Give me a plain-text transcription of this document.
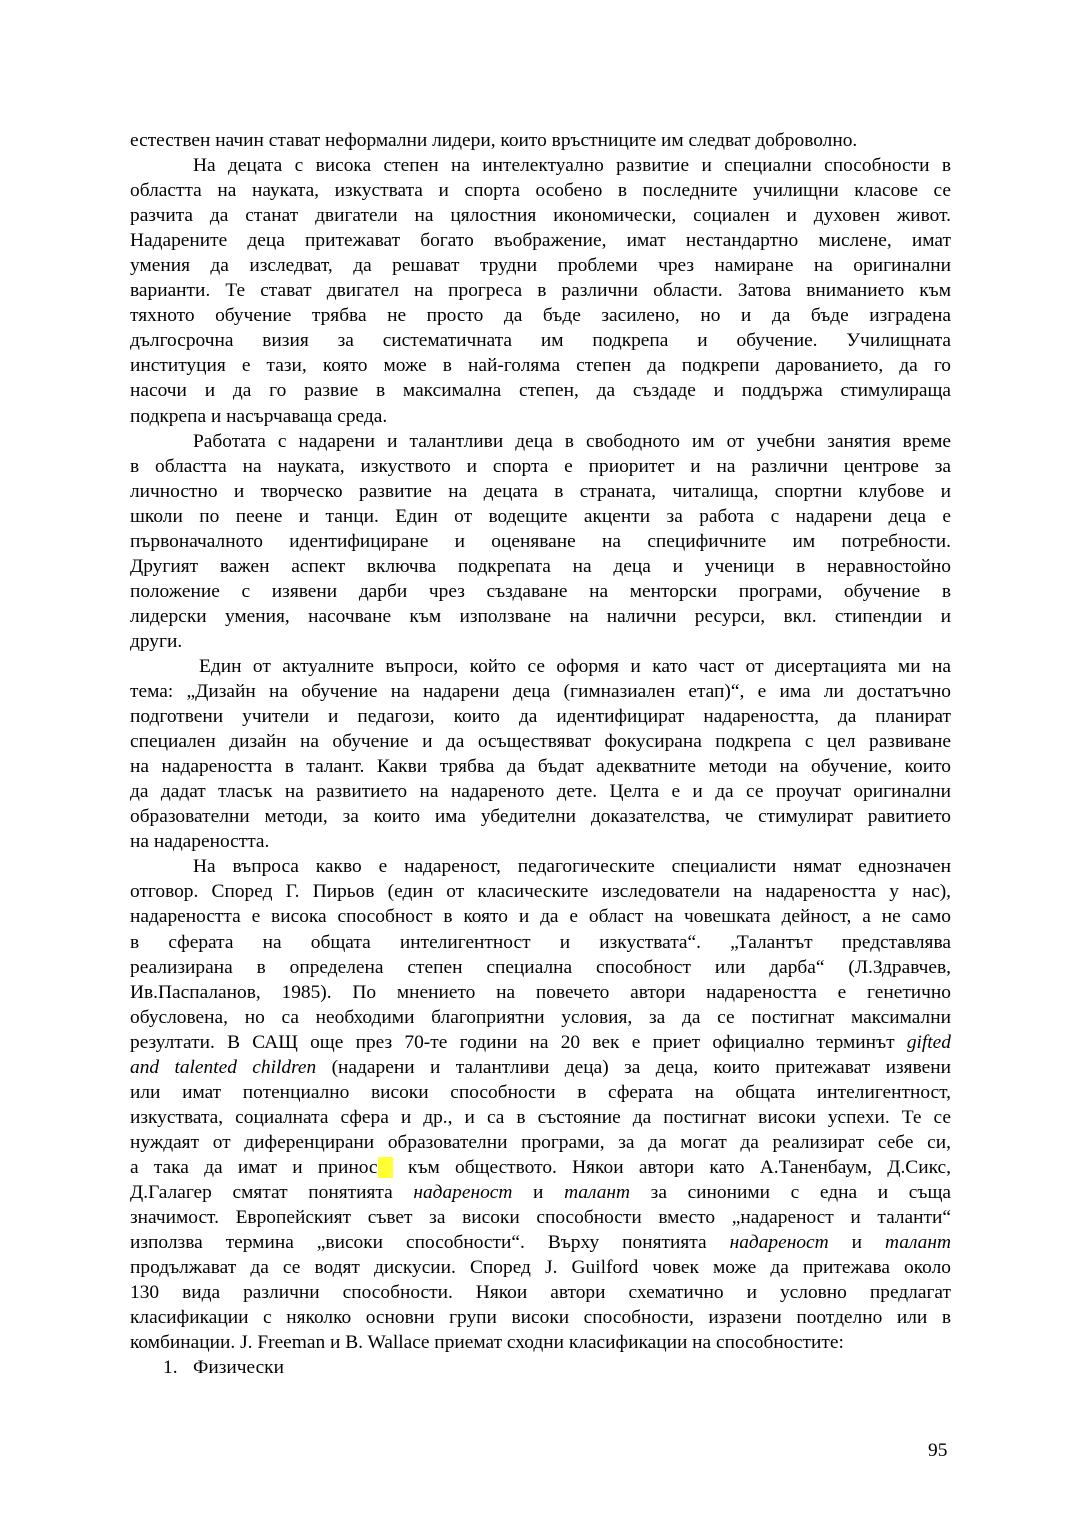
естествен начин стават неформални лидери, които връстниците им следват доброволно.
На децата с висока степен на интелектуално развитие и специални способности в
областта на науката, изкуствата и спорта особено в последните училищни класове се
разчита да станат двигатели на цялостния икономически, социален и духовен живот.
Надарените деца притежават богато въображение, имат нестандартно мислене, имат
умения да изследват, да решават трудни проблеми чрез намиране на оригинални
варианти. Те стават двигател на прогреса в различни области. Затова вниманието към
тяхното обучение трябва не просто да бъде засилено, но и да бъде изградена
дългосрочна визия за систематичната им подкрепа и обучение. Училищната
институция е тази, която може в най-голяма степен да подкрепи дарованието, да го
насочи и да го развие в максимална степен, да създаде и поддържа стимулираща
подкрепа и насърчаваща среда.
Работата с надарени и талантливи деца в свободното им от учебни занятия време
в областта на науката, изкуството и спорта е приоритет и на различни центрове за
личностно и творческо развитие на децата в страната, читалища, спортни клубове и
школи по пеене и танци. Един от водещите акценти за работа с надарени деца е
първоначалното идентифициране и оценяване на специфичните им потребности.
Другият важен аспект включва подкрепата на деца и ученици в неравностойно
положение с изявени дарби чрез създаване на менторски програми, обучение в
лидерски умения, насочване към използване на налични ресурси, вкл. стипендии и
други.
Един от актуалните въпроси, който се оформя и като част от дисертацията ми на
тема: „Дизайн на обучение на надарени деца (гимназиален етап)“, е има ли достатъчно
подготвени учители и педагози, които да идентифицират надареността, да планират
специален дизайн на обучение и да осъществяват фокусирана подкрепа с цел развиване
на надареността в талант. Какви трябва да бъдат адекватните методи на обучение, които
да дадат тласък на развитието на надареното дете. Целта е и да се проучат оригинални
образователни методи, за които има убедителни доказателства, че стимулират равитието
на надареността.
На въпроса какво е надареност, педагогическите специалисти нямат еднозначен
отговор. Според Г. Пирьов (един от класическите изследователи на надареността у нас),
надареността е висока способност в която и да е област на човешката дейност, а не само
в сферата на общата интелигентност и изкуствата“. „Талантът представлява
реализирана в определена степен специална способност или дарба“ (Л.Здравчев,
Ив.Паспаланов, 1985). По мнението на повечето автори надареността е генетично
обусловена, но са необходими благоприятни условия, за да се постигнат максимални
резултати. В САЩ още през 70-те години на 20 век е приет официално терминът gifted
and talented children (надарени и талантливи деца) за деца, които притежават изявени
или имат потенциално високи способности в сферата на общата интелигентност,
изкуствата, социалната сфера и др., и са в състояние да постигнат високи успехи. Те се
нуждаят от диференцирани образователни програми, за да могат да реализират себе си,
а така да имат и принос  към обществото. Някои автори като А.Таненбаум, Д.Сикс,
Д.Галагер смятат понятията надареност и талант за синоними с една и съща
значимост. Европейският съвет за високи способности вместо „надареност и таланти“
използва термина „високи способности“. Върху понятията надареност и талант
продължават да се водят дискусии. Според J. Guilford човек може да притежава около
130 вида различни способности. Някои автори схематично и условно предлагат
класификации с няколко основни групи високи способности, изразени поотделно или в
комбинации. J. Freeman и B. Wallace приемат сходни класификации на способностите:
1. Физически
95
